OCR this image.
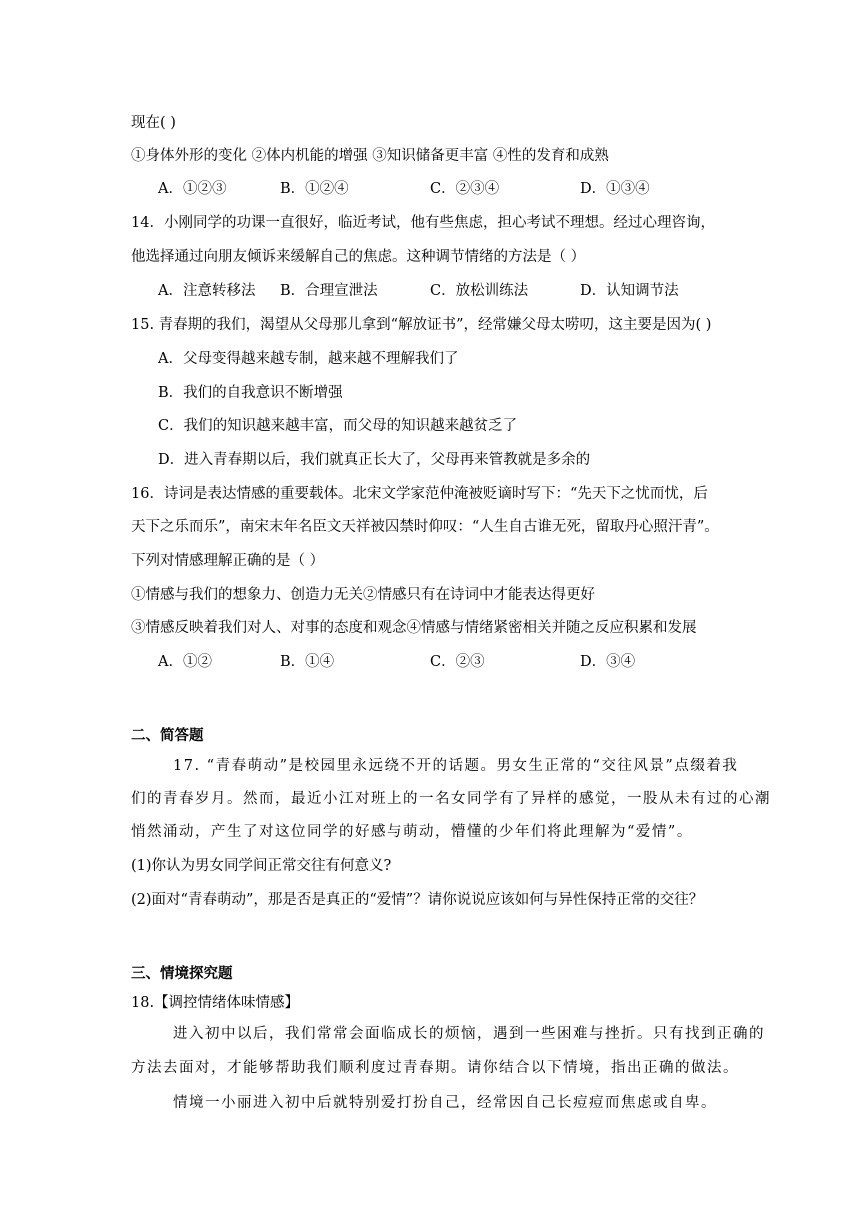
现在( )
①身体外形的变化 ②体内机能的增强 ③知识储备更丰富 ④性的发育和成熟
A．①②③	B．①②④	C．②③④	D．①③④
14．小刚同学的功课一直很好，临近考试，他有些焦虑，担心考试不理想。经过心理咨询，
他选择通过向朋友倾诉来缓解自己的焦虑。这种调节情绪的方法是（ ）
A．注意转移法 B．合理宣泄法	C．放松训练法	D．认知调节法
15. 青春期的我们，渴望从父母那儿拿到“解放证书”，经常嫌父母太唠叨，这主要是因为( )
A．父母变得越来越专制，越来越不理解我们了
B．我们的自我意识不断增强
C．我们的知识越来越丰富，而父母的知识越来越贫乏了
D．进入青春期以后，我们就真正长大了，父母再来管教就是多余的
16．诗词是表达情感的重要载体。北宋文学家范仲淹被贬谪时写下：“先天下之忧而忧，后
天下之乐而乐”，南宋末年名臣文天祥被囚禁时仰叹：“人生自古谁无死，留取丹心照汗青”。
下列对情感理解正确的是（ ）
①情感与我们的想象力、创造力无关②情感只有在诗词中才能表达得更好
③情感反映着我们对人、对事的态度和观念④情感与情绪紧密相关并随之反应积累和发展
A．①②	B．①④	C．②③	D．③④
二、简答题
17. “青春萌动”是校园里永远绕不开的话题。男女生正常的“交往风景”点缀着我
们的青春岁月。然而，最近小江对班上的一名女同学有了异样的感觉，一股从未有过的心潮
悄然涌动，产生了对这位同学的好感与萌动，懵懂的少年们将此理解为“爱情”。
(1)你认为男女同学间正常交往有何意义?
(2)面对“青春萌动”，那是否是真正的“爱情”？请你说说应该如何与异性保持正常的交往？
三、情境探究题
18.【调控情绪体味情感】
进入初中以后，我们常常会面临成长的烦恼，遇到一些困难与挫折。只有找到正确的
方法去面对，才能够帮助我们顺利度过青春期。请你结合以下情境，指出正确的做法。
情境一小丽进入初中后就特别爱打扮自己，经常因自己长痘痘而焦虑或自卑。
